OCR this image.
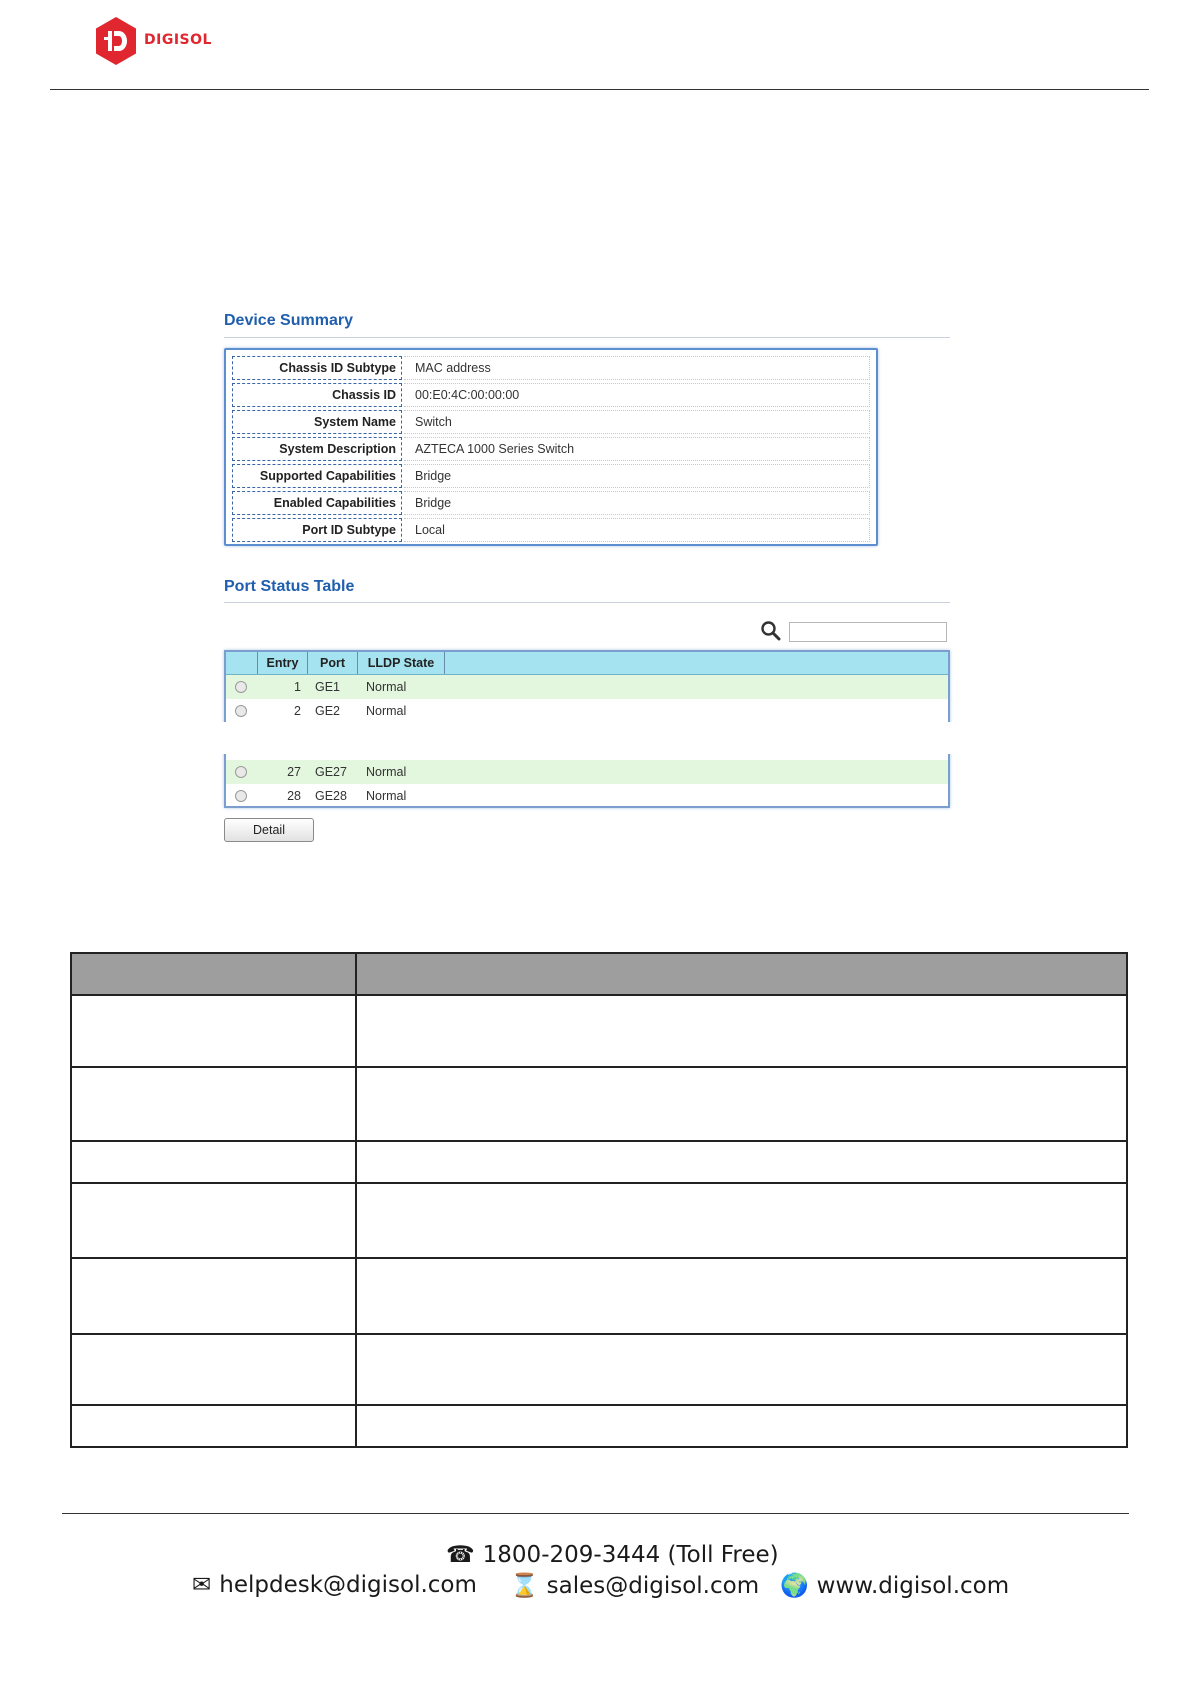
DIGISOL
Device Summary
Chassis ID Subtype	MAC address
Chassis ID	00:E0:4C:00:00:00
System Name	Switch
System Description	AZTECA 1000 Series Switch
Supported Capabilities	Bridge
Enabled Capabilities	Bridge
Port ID Subtype	Local
Port Status Table
Entry	Port	LLDP State
1 GE1 Normal
2 GE2 Normal
27 GE27 Normal
28 GE28 Normal
Detail

☎ 1800-209-3444 (Toll Free)
✉ helpdesk@digisol.com ⌛ sales@digisol.com 🌍 www.digisol.com
